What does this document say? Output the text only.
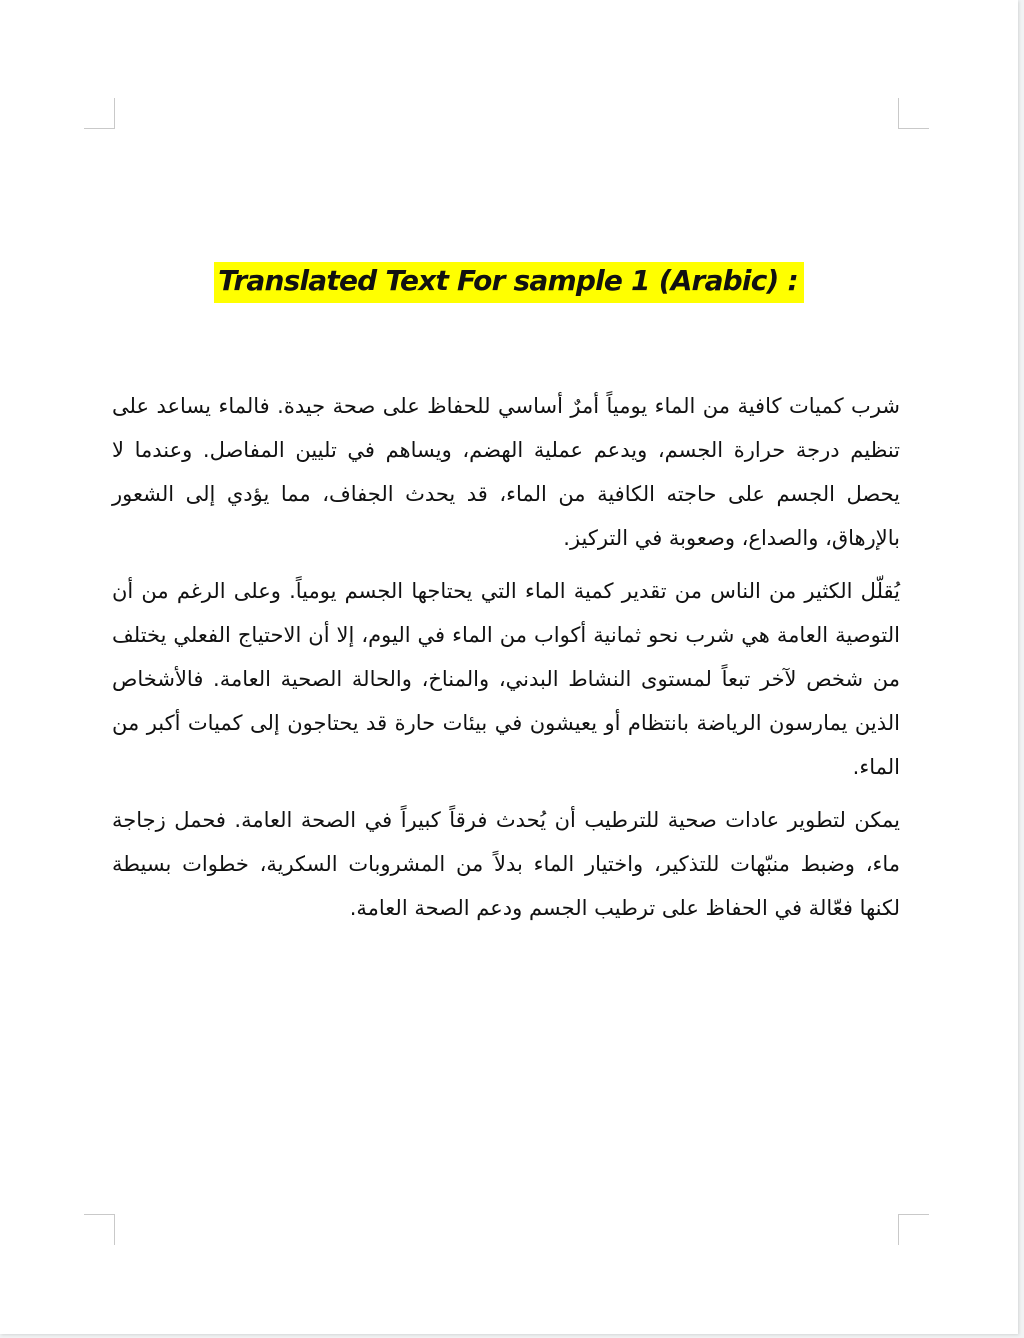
Translated Text For sample 1 (Arabic) :

شرب كميات كافية من الماء يومياً أمرٌ أساسي للحفاظ على صحة جيدة. فالماء يساعد على تنظيم درجة حرارة الجسم، ويدعم عملية الهضم، ويساهم في تليين المفاصل. وعندما لا يحصل الجسم على حاجته الكافية من الماء، قد يحدث الجفاف، مما يؤدي إلى الشعور بالإرهاق، والصداع، وصعوبة في التركيز.

يُقلّل الكثير من الناس من تقدير كمية الماء التي يحتاجها الجسم يومياً. وعلى الرغم من أن التوصية العامة هي شرب نحو ثمانية أكواب من الماء في اليوم، إلا أن الاحتياج الفعلي يختلف من شخص لآخر تبعاً لمستوى النشاط البدني، والمناخ، والحالة الصحية العامة. فالأشخاص الذين يمارسون الرياضة بانتظام أو يعيشون في بيئات حارة قد يحتاجون إلى كميات أكبر من الماء.

يمكن لتطوير عادات صحية للترطيب أن يُحدث فرقاً كبيراً في الصحة العامة. فحمل زجاجة ماء، وضبط منبّهات للتذكير، واختيار الماء بدلاً من المشروبات السكرية، خطوات بسيطة لكنها فعّالة في الحفاظ على ترطيب الجسم ودعم الصحة العامة.
